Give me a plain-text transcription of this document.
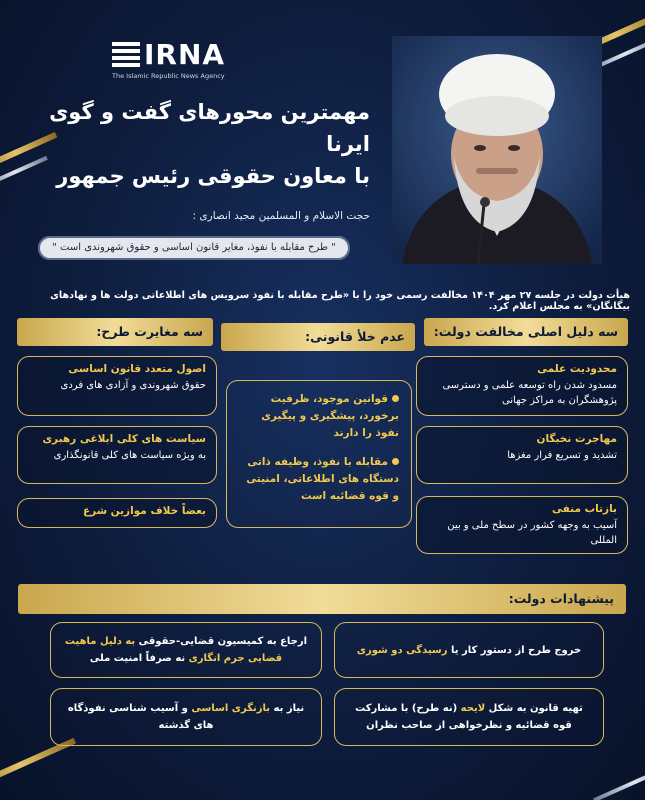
IRNA
The Islamic Republic News Agency
مهمترین محورهای گفت و گوی ایرنا
با معاون حقوقی رئیس جمهور
حجت الاسلام و المسلمین مجید انصاری :
" طرح مقابله با نفوذ، مغایر قانون اساسی و حقوق شهروندی است "
هیأت دولت در جلسه ۲۷ مهر ۱۴۰۴ مخالفت رسمی خود را با «طرح مقابله با نفوذ سرویس های اطلاعاتی دولت ها و نهادهای بیگانگان» به مجلس اعلام کرد.
سه دلیل اصلی مخالفت دولت:
عدم خلأ قانونی:
سه مغایرت طرح:
محدودیت علمی
مسدود شدن راه توسعه علمی و دسترسی پژوهشگران به مراکز جهانی
مهاجرت نخبگان
تشدید و تسریع فرار مغزها
بازتاب منفی
آسیب به وجهه کشور در سطح ملی و بین المللی
قوانین موجود، ظرفیت برخورد، پیشگیری و پیگیری نفوذ را دارند
مقابله با نفوذ، وظیفه ذاتی دستگاه های اطلاعاتی، امنیتی و قوه قضائیه است
اصول متعدد قانون اساسی
حقوق شهروندی و آزادی های فردی
سیاست های کلی ابلاغی رهبری
به ویژه سیاست های کلی قانونگذاری
بعضاً خلاف موازین شرع
پیشنهادات دولت:
خروج طرح از دستور کار یا رسیدگی دو شوری
ارجاع به کمیسیون قضایی-حقوقی به دلیل ماهیت قضایی جرم انگاری نه صرفاً امنیت ملی
تهیه قانون به شکل لایحه (نه طرح) با مشارکت قوه قضائیه و نظرخواهی از صاحب نظران
نیاز به بازنگری اساسی و آسیب شناسی نفوذگاه های گذشته
